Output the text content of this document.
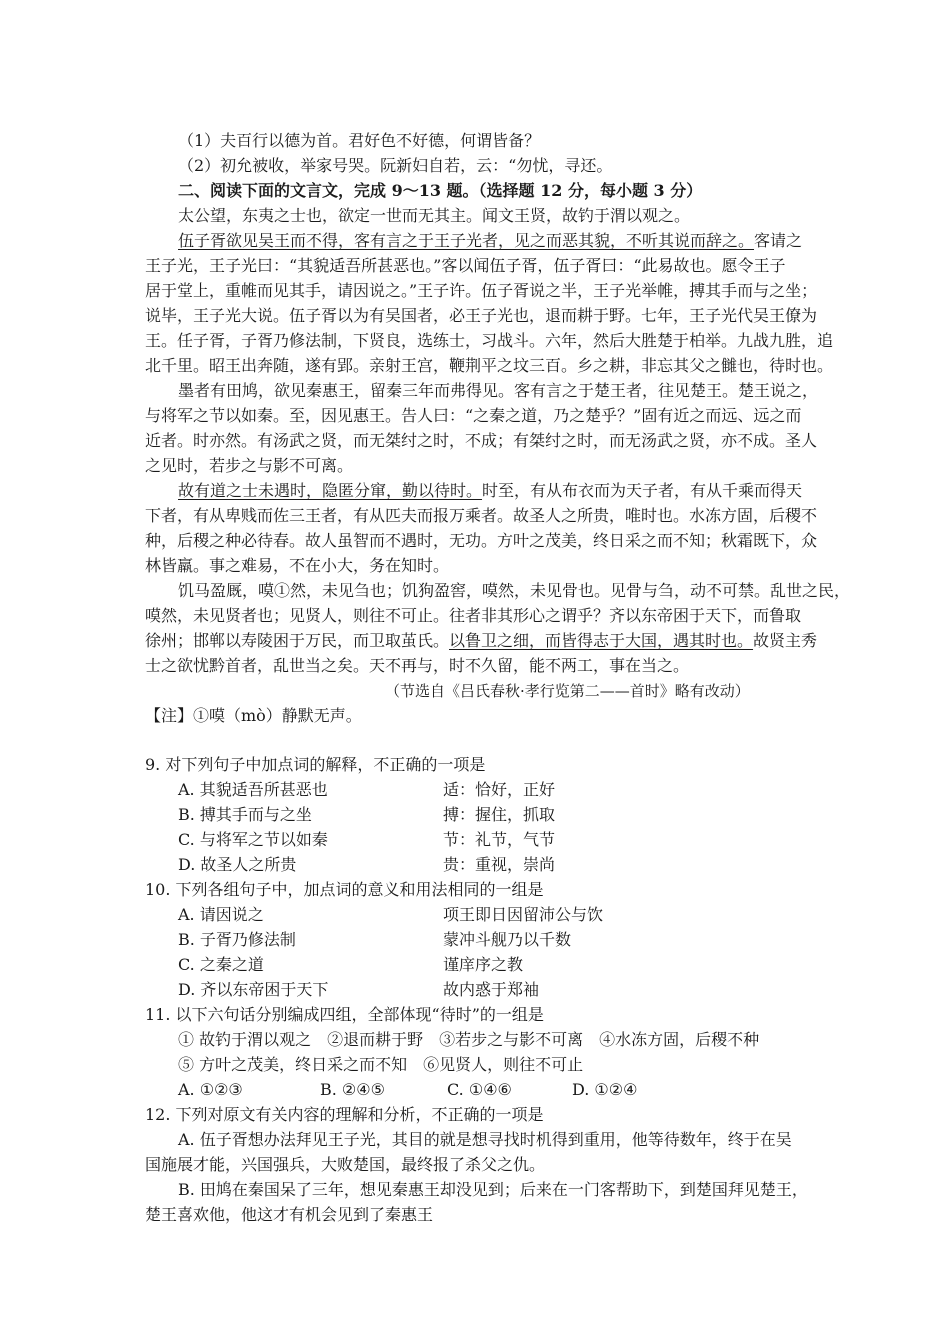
（1）夫百行以德为首。君好色不好德，何谓皆备？
（2）初允被收，举家号哭。阮新妇自若，云：“勿忧，寻还。
二、阅读下面的文言文，完成 9～13 题。（选择题 12 分，每小题 3 分）
太公望，东夷之士也，欲定一世而无其主。闻文王贤，故钓于渭以观之。
伍子胥欲见吴王而不得，客有言之于王子光者，见之而恶其貌，不听其说而辞之。客请之
王子光，王子光曰：“其貌适吾所甚恶也。”客以闻伍子胥，伍子胥曰：“此易故也。愿令王子
居于堂上，重帷而见其手，请因说之。”王子许。伍子胥说之半，王子光举帷，搏其手而与之坐；
说毕，王子光大说。伍子胥以为有吴国者，必王子光也，退而耕于野。七年，王子光代吴王僚为
王。任子胥，子胥乃修法制，下贤良，选练士，习战斗。六年，然后大胜楚于柏举。九战九胜，追
北千里。昭王出奔随，遂有郢。亲射王宫，鞭荆平之坟三百。乡之耕，非忘其父之雠也，待时也。
墨者有田鸠，欲见秦惠王，留秦三年而弗得见。客有言之于楚王者，往见楚王。楚王说之，
与将军之节以如秦。至，因见惠王。告人曰：“之秦之道，乃之楚乎？”固有近之而远、远之而
近者。时亦然。有汤武之贤，而无桀纣之时，不成；有桀纣之时，而无汤武之贤，亦不成。圣人
之见时，若步之与影不可离。
故有道之士未遇时，隐匿分窜，勤以待时。时至，有从布衣而为天子者，有从千乘而得天
下者，有从卑贱而佐三王者，有从匹夫而报万乘者。故圣人之所贵，唯时也。水冻方固，后稷不
种，后稷之种必待春。故人虽智而不遇时，无功。方叶之茂美，终日采之而不知；秋霜既下，众
林皆羸。事之难易，不在小大，务在知时。
饥马盈厩，嗼①然，未见刍也；饥狗盈窖，嗼然，未见骨也。见骨与刍，动不可禁。乱世之民，
嗼然，未见贤者也；见贤人，则往不可止。往者非其形心之谓乎？齐以东帝困于天下，而鲁取
徐州；邯郸以寿陵困于万民，而卫取茧氏。以鲁卫之细，而皆得志于大国，遇其时也。故贤主秀
士之欲忧黔首者，乱世当之矣。天不再与，时不久留，能不两工，事在当之。
（节选自《吕氏春秋·孝行览第二——首时》略有改动）
【注】①嗼（mò）静默无声。
9. 对下列句子中加点词的解释，不正确的一项是
A. 其貌适吾所甚恶也	适：恰好，正好
B. 搏其手而与之坐	搏：握住，抓取
C. 与将军之节以如秦	节：礼节，气节
D. 故圣人之所贵	贵：重视，崇尚
10. 下列各组句子中，加点词的意义和用法相同的一组是
A. 请因说之	项王即日因留沛公与饮
B. 子胥乃修法制	蒙冲斗舰乃以千数
C. 之秦之道	谨庠序之教
D. 齐以东帝困于天下	故内惑于郑袖
11. 以下六句话分别编成四组，全部体现“待时”的一组是
① 故钓于渭以观之　②退而耕于野　③若步之与影不可离　④水冻方固，后稷不种
⑤ 方叶之茂美，终日采之而不知　⑥见贤人，则往不可止
A. ①②③	B. ②④⑤	C. ①④⑥	D. ①②④
12. 下列对原文有关内容的理解和分析，不正确的一项是
A. 伍子胥想办法拜见王子光，其目的就是想寻找时机得到重用，他等待数年，终于在吴
国施展才能，兴国强兵，大败楚国，最终报了杀父之仇。
B. 田鸠在秦国呆了三年，想见秦惠王却没见到；后来在一门客帮助下，到楚国拜见楚王，
楚王喜欢他，他这才有机会见到了秦惠王
